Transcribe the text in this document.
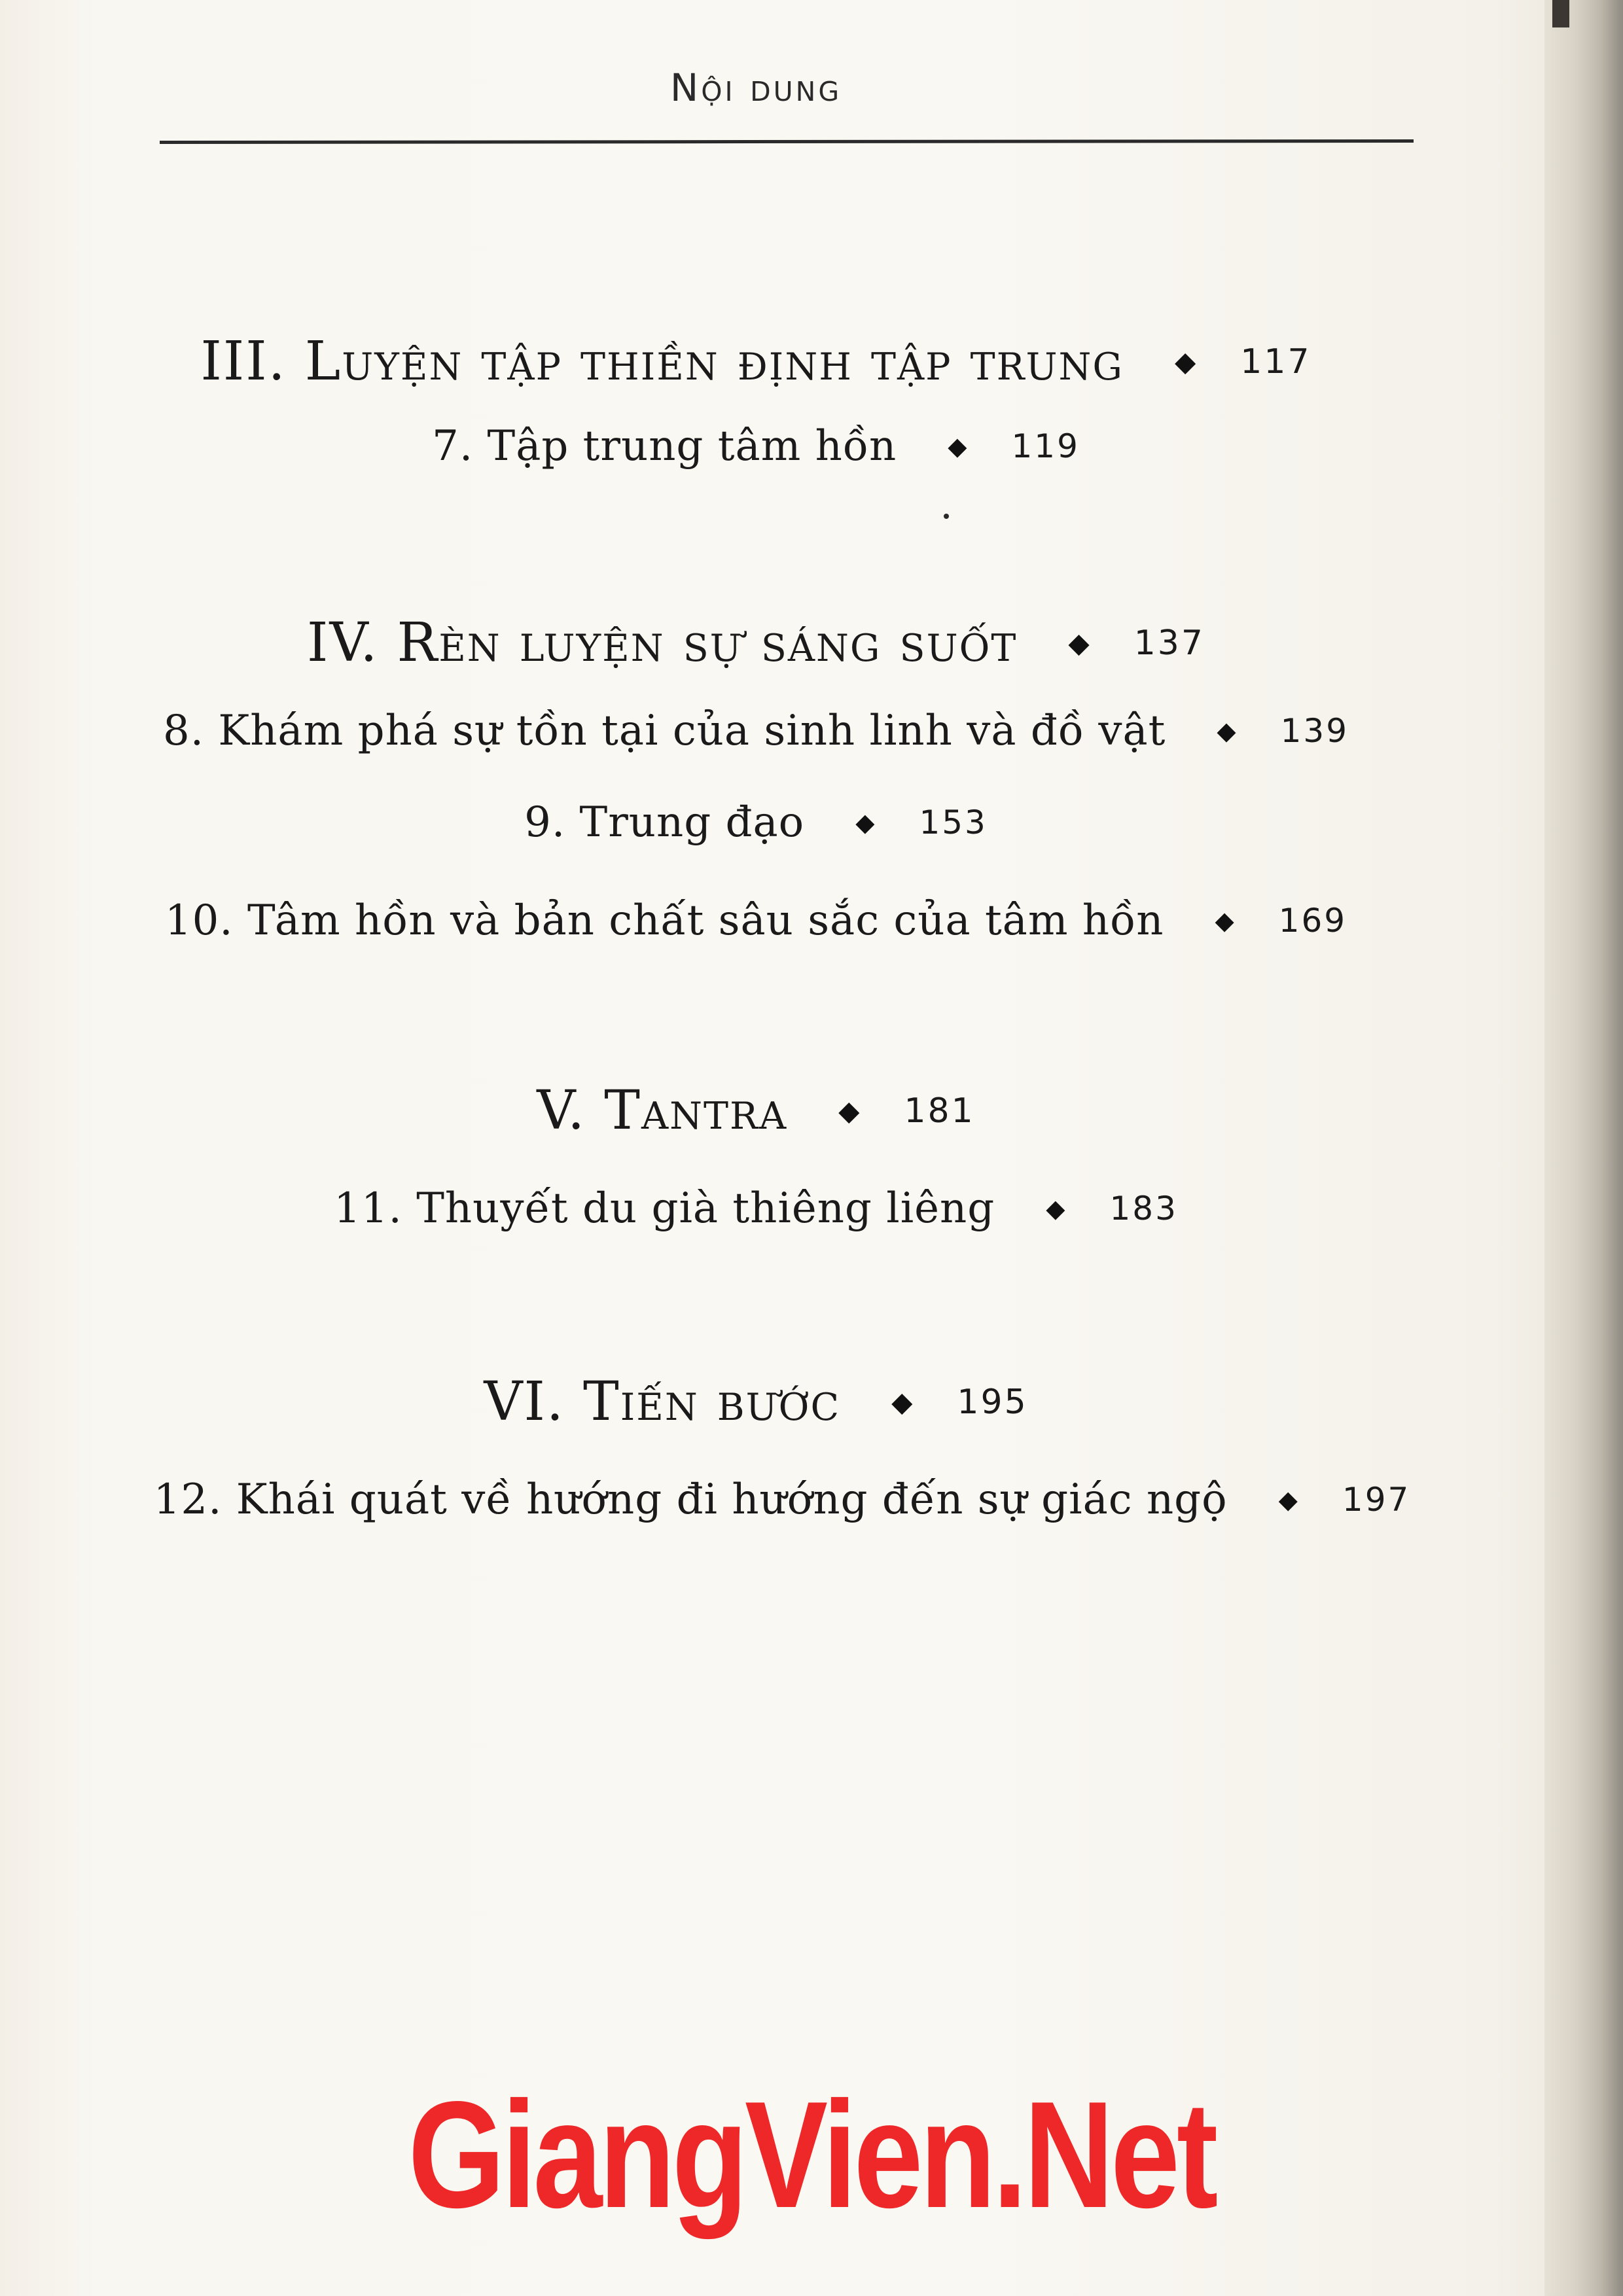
Nội dung
III. Luyện tập thiền định tập trung ◆ 117
7. Tập trung tâm hồn ◆ 119
IV. Rèn luyện sự sáng suốt ◆ 137
8. Khám phá sự tồn tại của sinh linh và đồ vật ◆ 139
9. Trung đạo ◆ 153
10. Tâm hồn và bản chất sâu sắc của tâm hồn ◆ 169
V. Tantra ◆ 181
11. Thuyết du già thiêng liêng ◆ 183
VI. Tiến bước ◆ 195
12. Khái quát về hướng đi hướng đến sự giác ngộ ◆ 197
GiangVien.Net
